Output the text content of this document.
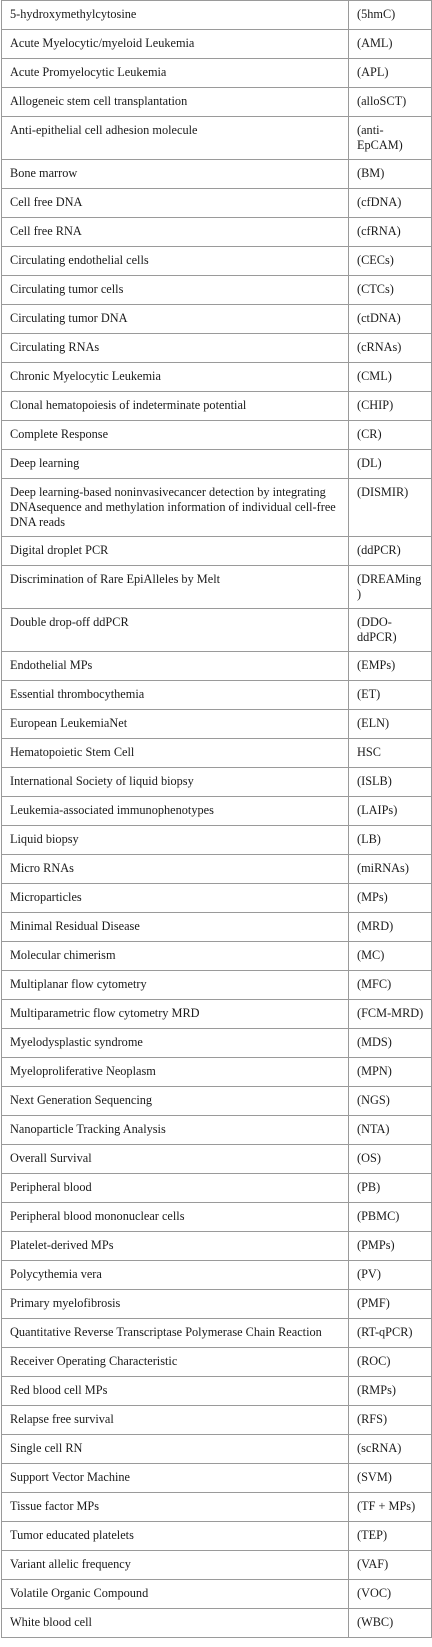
5-hydroxymethylcytosine	(5hmC)
Acute Myelocytic/myeloid Leukemia	(AML)
Acute Promyelocytic Leukemia	(APL)
Allogeneic stem cell transplantation	(alloSCT)
Anti-epithelial cell adhesion molecule	(anti-EpCAM)
Bone marrow	(BM)
Cell free DNA	(cfDNA)
Cell free RNA	(cfRNA)
Circulating endothelial cells	(CECs)
Circulating tumor cells	(CTCs)
Circulating tumor DNA	(ctDNA)
Circulating RNAs	(cRNAs)
Chronic Myelocytic Leukemia	(CML)
Clonal hematopoiesis of indeterminate potential	(CHIP)
Complete Response	(CR)
Deep learning	(DL)
Deep learning-based noninvasivecancer detection by integrating DNAsequence and methylation information of individual cell-free DNA reads	(DISMIR)
Digital droplet PCR	(ddPCR)
Discrimination of Rare EpiAlleles by Melt	(DREAMing)
Double drop-off ddPCR	(DDO-ddPCR)
Endothelial MPs	(EMPs)
Essential thrombocythemia	(ET)
European LeukemiaNet	(ELN)
Hematopoietic Stem Cell	HSC
International Society of liquid biopsy	(ISLB)
Leukemia-associated immunophenotypes	(LAIPs)
Liquid biopsy	(LB)
Micro RNAs	(miRNAs)
Microparticles	(MPs)
Minimal Residual Disease	(MRD)
Molecular chimerism	(MC)
Multiplanar flow cytometry	(MFC)
Multiparametric flow cytometry MRD	(FCM-MRD)
Myelodysplastic syndrome	(MDS)
Myeloproliferative Neoplasm	(MPN)
Next Generation Sequencing	(NGS)
Nanoparticle Tracking Analysis	(NTA)
Overall Survival	(OS)
Peripheral blood	(PB)
Peripheral blood mononuclear cells	(PBMC)
Platelet-derived MPs	(PMPs)
Polycythemia vera	(PV)
Primary myelofibrosis	(PMF)
Quantitative Reverse Transcriptase Polymerase Chain Reaction	(RT-qPCR)
Receiver Operating Characteristic	(ROC)
Red blood cell MPs	(RMPs)
Relapse free survival	(RFS)
Single cell RN	(scRNA)
Support Vector Machine	(SVM)
Tissue factor MPs	(TF + MPs)
Tumor educated platelets	(TEP)
Variant allelic frequency	(VAF)
Volatile Organic Compound	(VOC)
White blood cell	(WBC)
